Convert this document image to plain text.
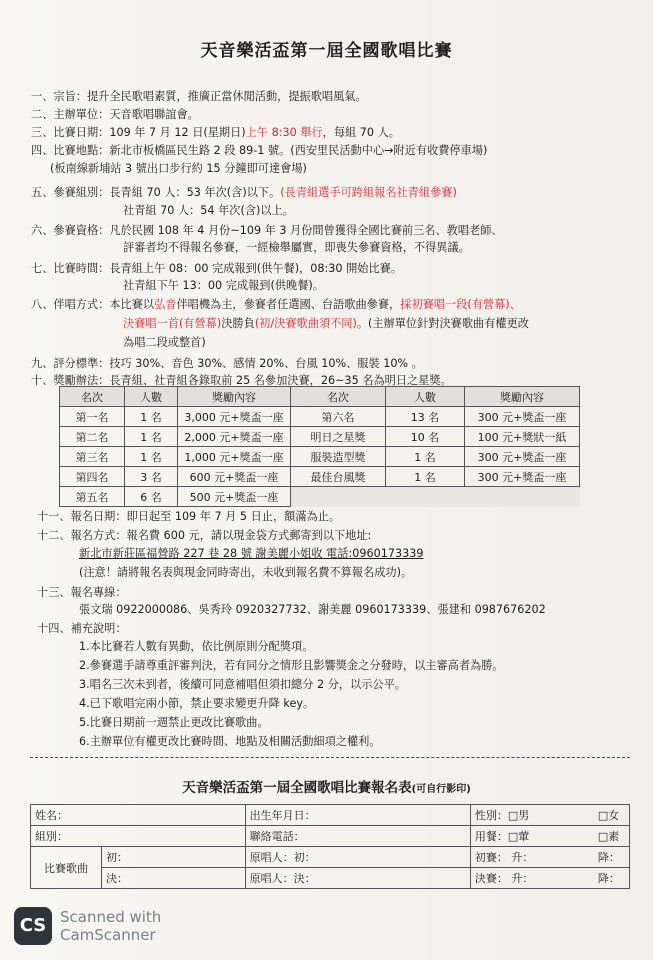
天音樂活盃第一屆全國歌唱比賽
一、宗旨：提升全民歌唱素質，推廣正當休閒活動，提振歌唱風氣。
二、主辦單位：天音歌唱聯誼會。
三、比賽日期：109 年 7 月 12 日(星期日)上午 8:30 舉行，每組 70 人。
四、比賽地點：新北市板橋區民生路 2 段 89-1 號。(西安里民活動中心→附近有收費停車場)
(板南線新埔站 3 號出口步行約 15 分鐘即可達會場)
五、參賽組別：長青組 70 人：53 年次(含)以下。(長青組選手可跨組報名社青組參賽)
社青組 70 人：54 年次(含)以上。
六、參賽資格：凡於民國 108 年 4 月份~109 年 3 月份間曾獲得全國比賽前三名、教唱老師、
評審者均不得報名參賽，一經檢舉屬實，即喪失參賽資格，不得異議。
七、比賽時間：長青組上午 08：00 完成報到(供午餐)，08:30 開始比賽。
社青組下午 13：00 完成報到(供晚餐)。
八、伴唱方式：本比賽以弘音伴唱機為主，參賽者任選國、台語歌曲參賽，採初賽唱一段(有營幕)、
決賽唱一首(有營幕)決勝負(初/決賽歌曲須不同)。(主辦單位針對決賽歌曲有權更改
為唱二段或整首)
九、評分標準：技巧 30%、音色 30%、感情 20%、台風 10%、服裝 10% 。
十、獎勵辦法：長青組、社青組各錄取前 25 名參加決賽，26~35 名為明日之星獎。
名次	人數	獎勵內容	名次	人數	獎勵內容
第一名	1 名	3,000 元+獎盃一座	第六名	13 名	300 元+獎盃一座
第二名	1 名	2,000 元+獎盃一座	明日之星獎	10 名	100 元+獎狀一紙
第三名	1 名	1,000 元+獎盃一座	服裝造型獎	1 名	300 元+獎盃一座
第四名	3 名	600 元+獎盃一座	最佳台風獎	1 名	300 元+獎盃一座
第五名	6 名	500 元+獎盃一座			
十一、報名日期：即日起至 109 年 7 月 5 日止，額滿為止。
十二、報名方式：報名費 600 元，請以現金袋方式郵寄到以下地址:
新北市新莊區福營路 227 巷 28 號 謝美麗小姐收 電話:0960173339
(注意！請將報名表與現金同時寄出，未收到報名費不算報名成功)。
十三、報名專線：
張文瑞 0922000086、吳秀玲 0920327732、謝美麗 0960173339、張建和 0987676202
十四、補充說明：
1.本比賽若人數有異動，依比例原則分配獎項。
2.參賽選手請尊重評審判決，若有同分之情形且影響獎金之分發時，以主審高者為勝。
3.唱名三次未到者，後續可同意補唱但須扣總分 2 分，以示公平。
4.已下歌唱完兩小節，禁止要求變更升降 key。
5.比賽日期前一週禁止更改比賽歌曲。
6.主辦單位有權更改比賽時間、地點及相關活動細項之權利。
天音樂活盃第一屆全國歌唱比賽報名表(可自行影印)
姓名：		出生年月日：	性別：□男	□女
組別：		聯絡電話：	用餐：□葷	□素
比賽歌曲	初：	原唱人：初：	初賽： 升：	降：
	決：	原唱人：決：	決賽： 升：	降：
CS Scanned with
CamScanner
